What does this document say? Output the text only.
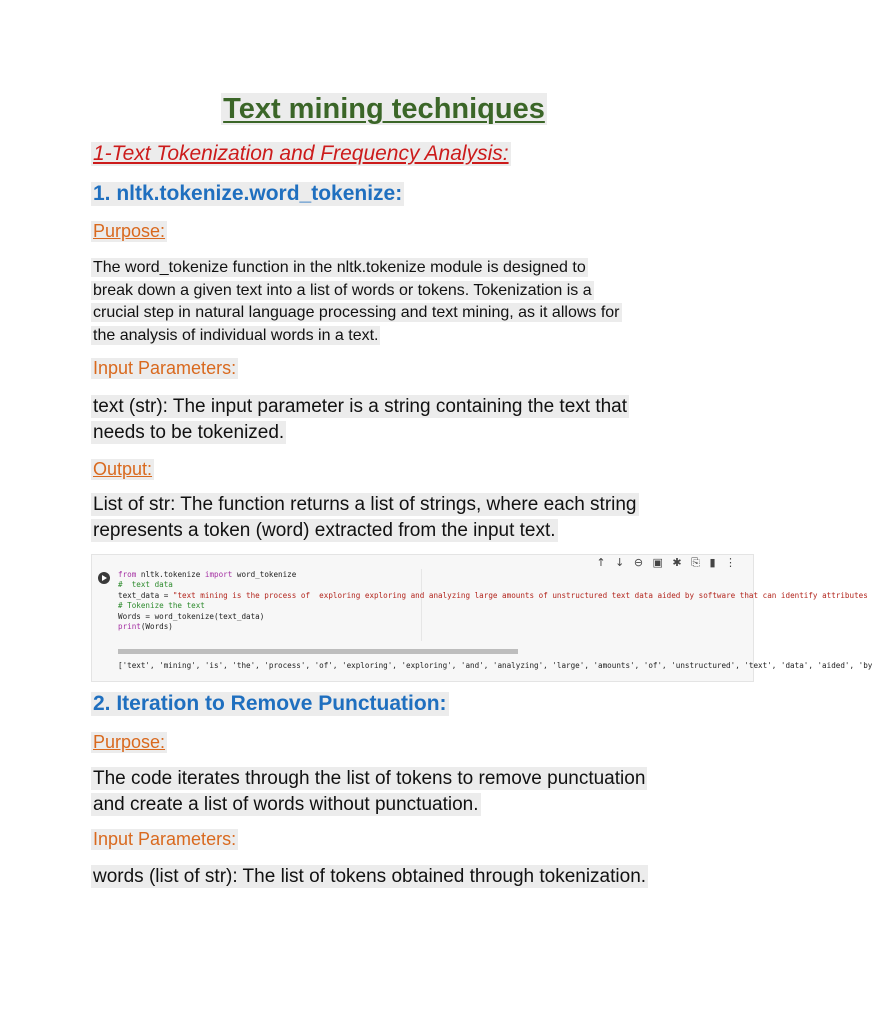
Text mining techniques
1-Text Tokenization and Frequency Analysis:
1. nltk.tokenize.word_tokenize:
Purpose:
The word_tokenize function in the nltk.tokenize module is designed to
break down a given text into a list of words or tokens. Tokenization is a
crucial step in natural language processing and text mining, as it allows for
the analysis of individual words in a text.
Input Parameters:
text (str): The input parameter is a string containing the text that
needs to be tokenized.
Output:
List of str: The function returns a list of strings, where each string
represents a token (word) extracted from the input text.
↑ ↓ ⊖ ▣ ✱ ⎘ ▮ ⋮
from nltk.tokenize import word_tokenize
#  text data
text_data = "text mining is the process of  exploring exploring and analyzing large amounts of unstructured text data aided by software that can identify attributes
# Tokenize the text
Words = word_tokenize(text_data)
print(Words)
['text', 'mining', 'is', 'the', 'process', 'of', 'exploring', 'exploring', 'and', 'analyzing', 'large', 'amounts', 'of', 'unstructured', 'text', 'data', 'aided', 'by
2. Iteration to Remove Punctuation:
Purpose:
The code iterates through the list of tokens to remove punctuation
and create a list of words without punctuation.
Input Parameters:
words (list of str): The list of tokens obtained through tokenization.
